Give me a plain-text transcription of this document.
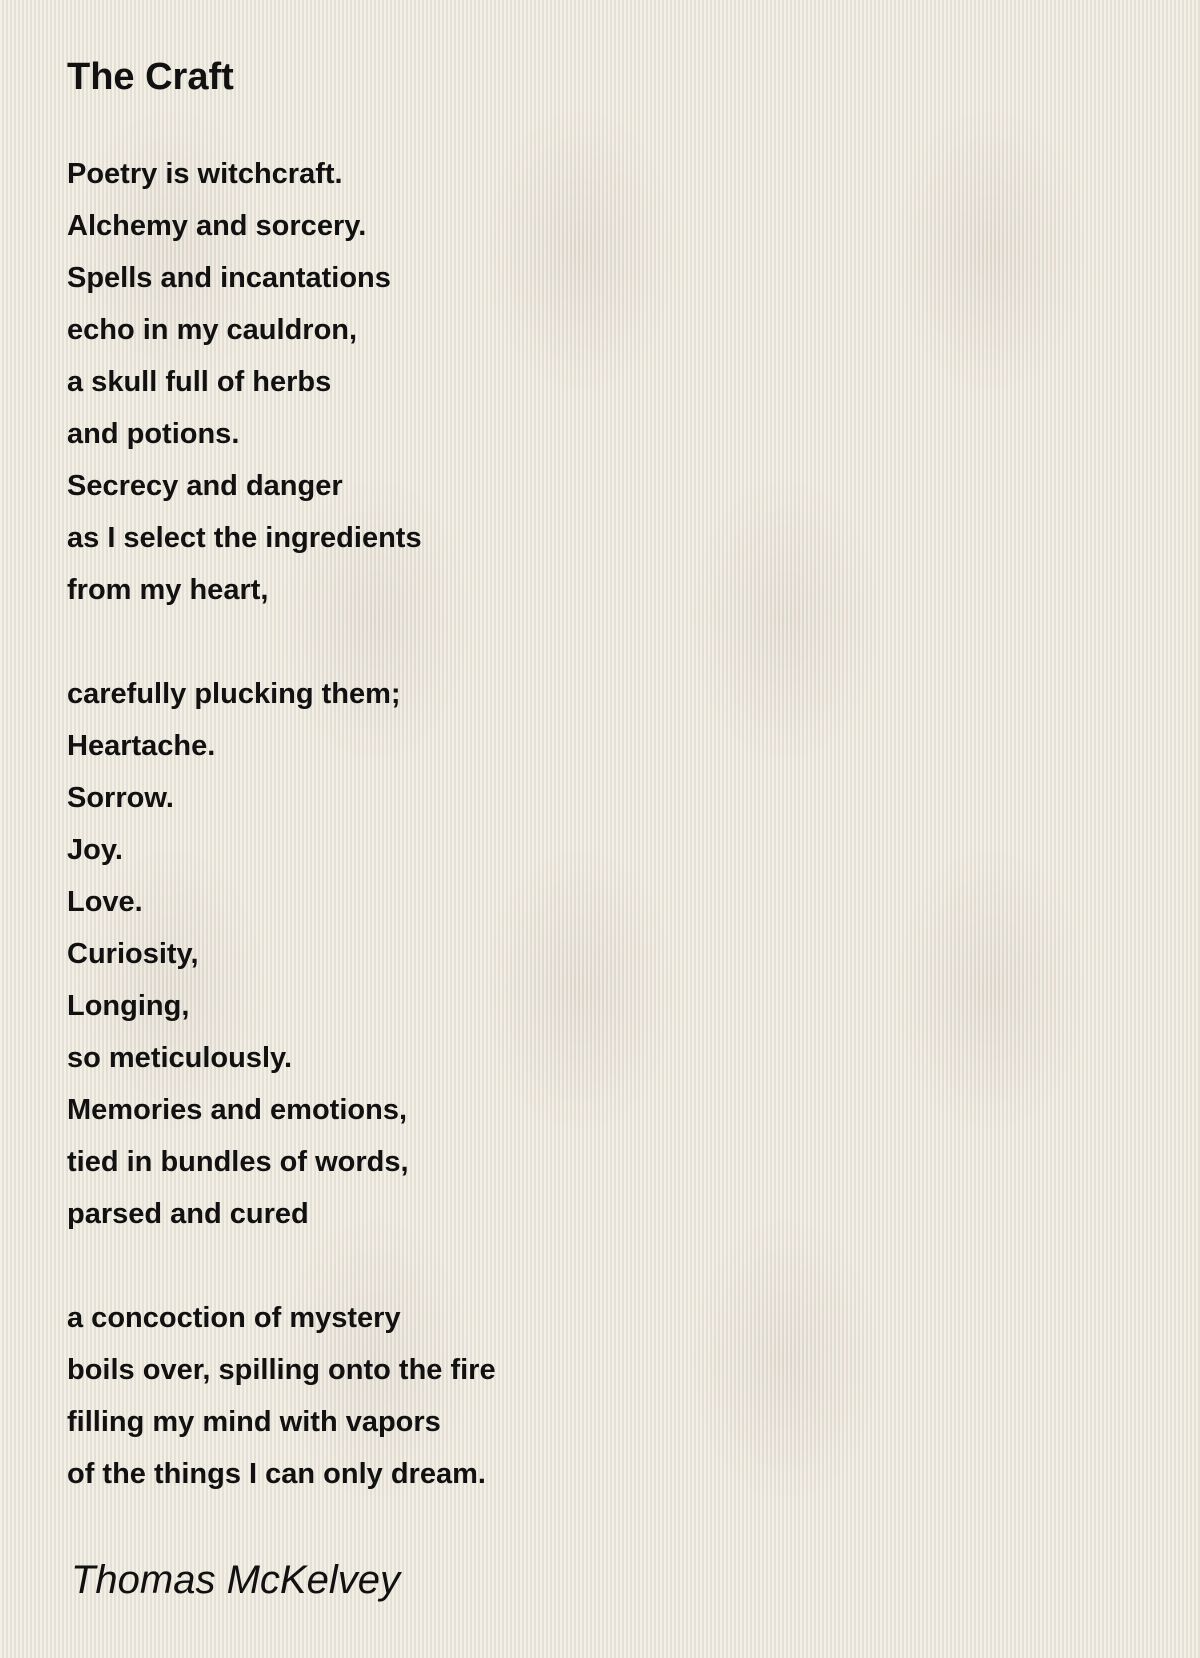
The Craft
Poetry is witchcraft.
Alchemy and sorcery.
Spells and incantations
echo in my cauldron,
a skull full of herbs
and potions.
Secrecy and danger
as I select the ingredients
from my heart,
carefully plucking them;
Heartache.
Sorrow.
Joy.
Love.
Curiosity,
Longing,
so meticulously.
Memories and emotions,
tied in bundles of words,
parsed and cured
a concoction of mystery
boils over, spilling onto the fire
filling my mind with vapors
of the things I can only dream.

Thomas McKelvey
